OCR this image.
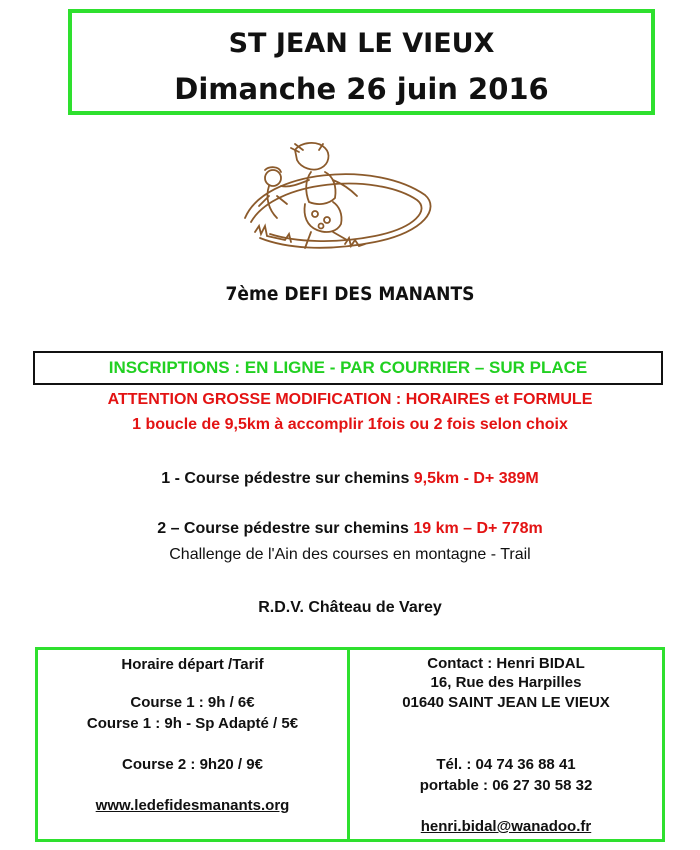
ST JEAN LE VIEUX
Dimanche 26 juin 2016
7ème DEFI DES MANANTS
INSCRIPTIONS : EN LIGNE - PAR COURRIER – SUR PLACE
ATTENTION GROSSE MODIFICATION : HORAIRES et FORMULE
1 boucle de 9,5km à accomplir 1fois ou 2 fois selon choix
1 - Course pédestre sur chemins 9,5km - D+ 389M
2 – Course pédestre sur chemins 19 km – D+ 778m
Challenge de l'Ain des courses en montagne - Trail
R.D.V. Château de Varey
Horaire départ /Tarif
Course 1 : 9h / 6€
Course 1 : 9h - Sp Adapté / 5€
Course 2 : 9h20 / 9€
www.ledefidesmanants.org
Contact : Henri BIDAL
16, Rue des Harpilles
01640 SAINT JEAN LE VIEUX
Tél. : 04 74 36 88 41
portable : 06 27 30 58 32
henri.bidal@wanadoo.fr
